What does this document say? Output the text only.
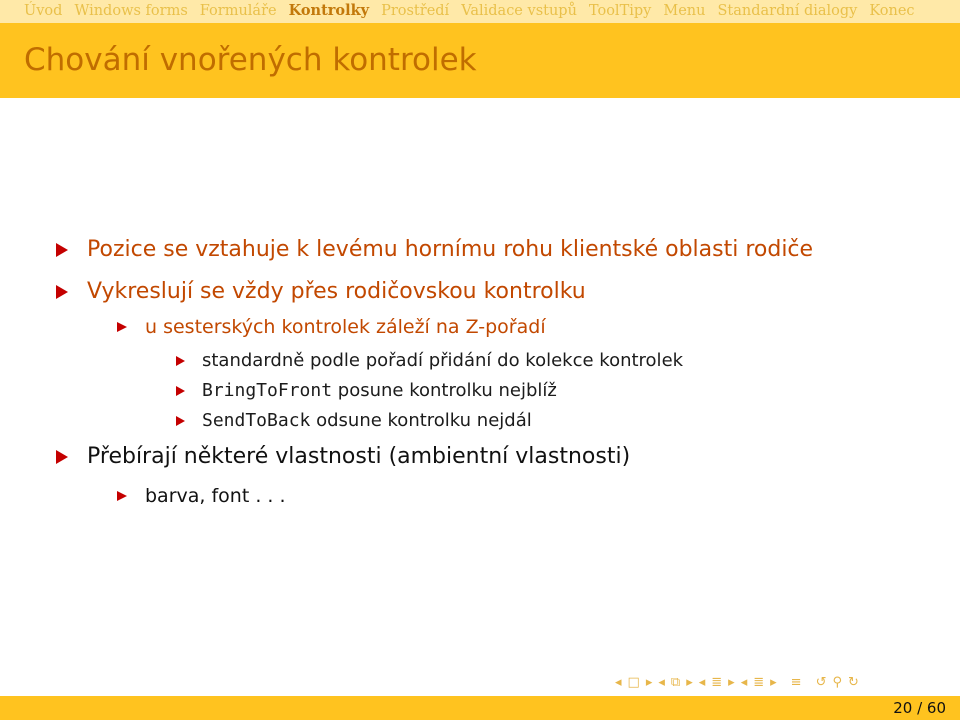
Úvod Windows forms Formuláře Kontrolky Prostředí Validace vstupů ToolTipy Menu Standardní dialogy Konec
Chování vnořených kontrolek
Pozice se vztahuje k levému hornímu rohu klientské oblasti rodiče
Vykreslují se vždy přes rodičovskou kontrolku
u sesterských kontrolek záleží na Z-pořadí
standardně podle pořadí přidání do kolekce kontrolek
BringToFront posune kontrolku nejblíž
SendToBack odsune kontrolku nejdál
Přebírají některé vlastnosti (ambientní vlastnosti)
barva, font . . .
◂ □ ▸ ◂ ⧉ ▸ ◂ ≣ ▸ ◂ ≣ ▸ ≡ ↺ ⚲ ↻
20 / 60
